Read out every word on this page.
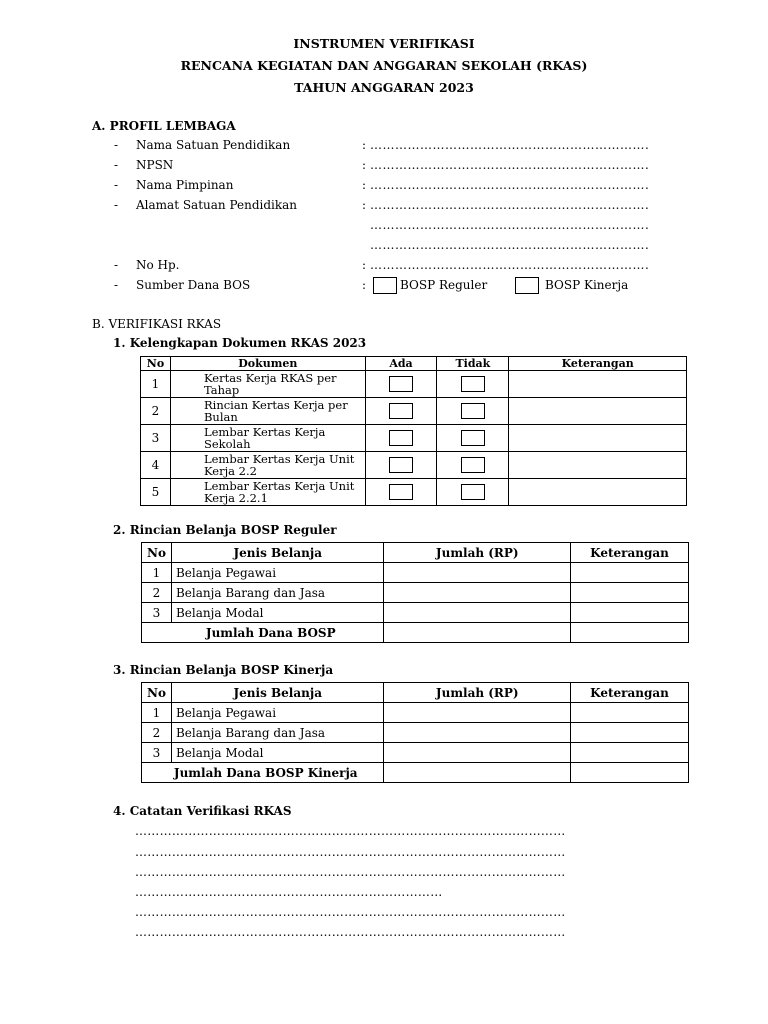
INSTRUMEN VERIFIKASI
RENCANA KEGIATAN DAN ANGGARAN SEKOLAH (RKAS)
TAHUN ANGGARAN 2023
A. PROFIL LEMBAGA
- Nama Satuan Pendidikan	: ………………………………………………………….
- NPSN	: ………………………………………………………….
- Nama Pimpinan	: ………………………………………………………….
- Alamat Satuan Pendidikan	: ………………………………………………………….
………………………………………………………….
………………………………………………………….
- No Hp.	: ………………………………………………………….
- Sumber Dana BOS	:	BOSP Reguler	BOSP Kinerja
B. VERIFIKASI RKAS
1. Kelengkapan Dokumen RKAS 2023
No	Dokumen	Ada	Tidak	Keterangan
1	Kertas Kerja RKAS per
Tahap			

2	Rincian Kertas Kerja per
Bulan			

3	Lembar Kertas Kerja
Sekolah			

4	Lembar Kertas Kerja Unit
Kerja 2.2			

5	Lembar Kertas Kerja Unit
Kerja 2.2.1			

2. Rincian Belanja BOSP Reguler
No	Jenis Belanja	Jumlah (RP)	Keterangan
1	Belanja Pegawai		
2	Belanja Barang dan Jasa		
3	Belanja Modal		
Jumlah Dana BOSP			
3. Rincian Belanja BOSP Kinerja
No	Jenis Belanja	Jumlah (RP)	Keterangan
1	Belanja Pegawai		
2	Belanja Barang dan Jasa		
3	Belanja Modal		
Jumlah Dana BOSP Kinerja			
4. Catatan Verifikasi RKAS
……………………………………………………………………………………………
……………………………………………………………………………………………
……………………………………………………………………………………………
…………………………………………………………………
……………………………………………………………………………………………
……………………………………………………………………………………………
